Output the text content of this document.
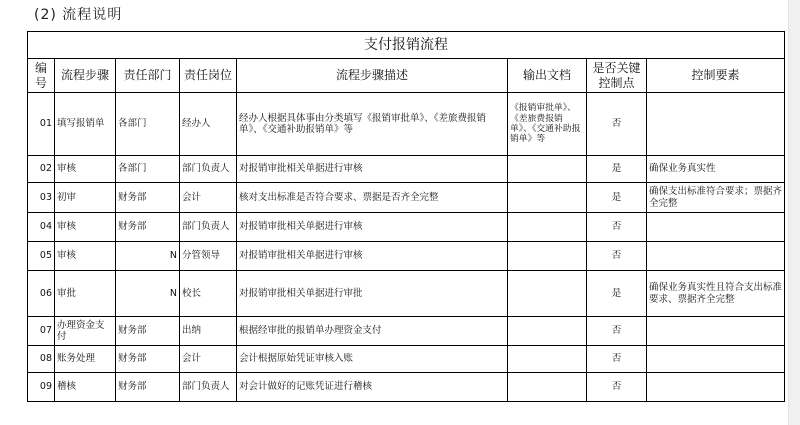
(2) 流程说明
支付报销流程							
编号	流程步骤	责任部门	责任岗位	流程步骤描述	输出文档	是否关键控制点	控制要素
01	填写报销单	各部门	经办人	经办人根据具体事由分类填写《报销审批单》、《差旅费报销单》、《交通补助报销单》等	《报销审批单》、《差旅费报销单》、《交通补助报销单》等	否	
02	审核	各部门	部门负责人	对报销审批相关单据进行审核		是	确保业务真实性
03	初审	财务部	会计	核对支出标准是否符合要求、票据是否齐全完整		是	确保支出标准符合要求；票据齐全完整
04	审核	财务部	部门负责人	对报销审批相关单据进行审核		否	
05	审核	N	分管领导	对报销审批相关单据进行审核		否	
06	审批	N	校长	对报销审批相关单据进行审批		是	确保业务真实性且符合支出标准要求、票据齐全完整
07	办理资金支付	财务部	出纳	根据经审批的报销单办理资金支付		否	
08	账务处理	财务部	会计	会计根据原始凭证审核入账		否	
09	稽核	财务部	部门负责人	对会计做好的记账凭证进行稽核		否	
